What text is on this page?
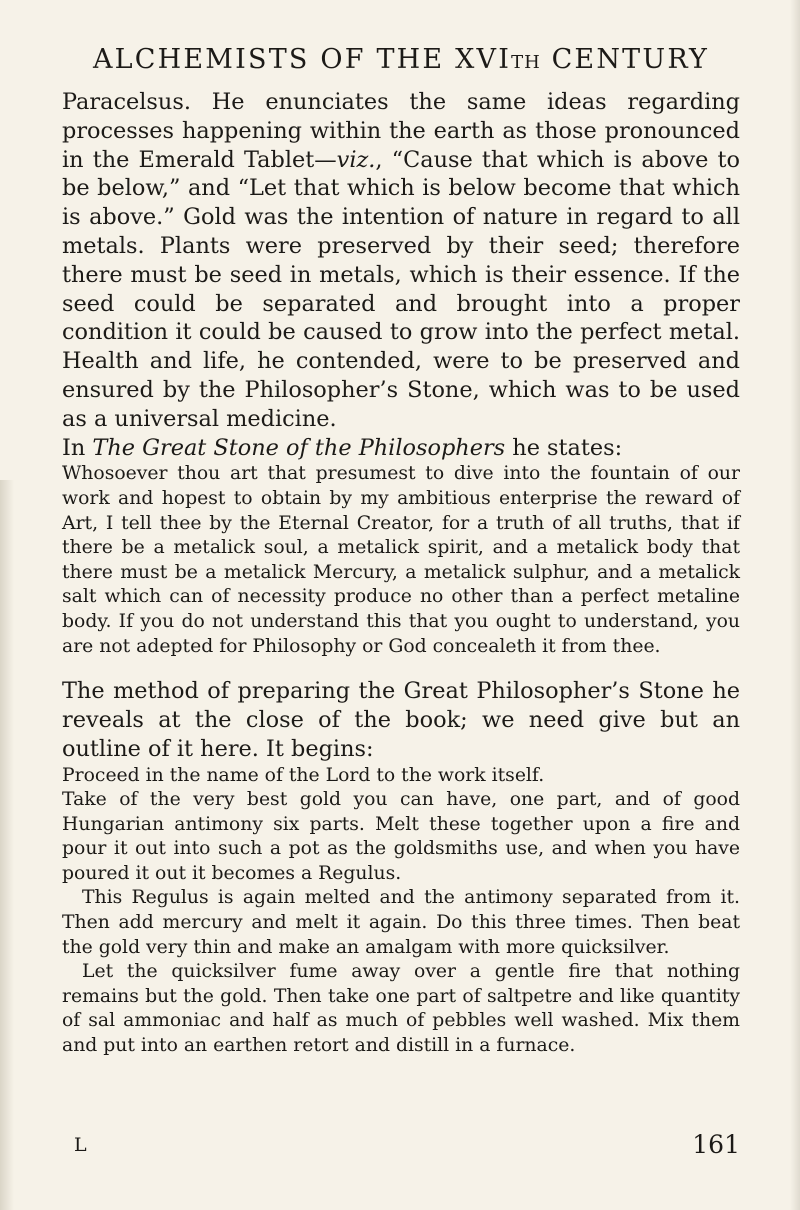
ALCHEMISTS OF THE XVITH CENTURY

Paracelsus. He enunciates the same ideas regarding processes happening within the earth as those pronounced in the Emerald Tablet—viz., “Cause that which is above to be below,” and “Let that which is below become that which is above.” Gold was the intention of nature in regard to all metals. Plants were preserved by their seed; therefore there must be seed in metals, which is their essence. If the seed could be separated and brought into a proper condition it could be caused to grow into the perfect metal. Health and life, he contended, were to be preserved and ensured by the Philosopher’s Stone, which was to be used as a universal medicine.

In The Great Stone of the Philosophers he states:

Whosoever thou art that presumest to dive into the fountain of our work and hopest to obtain by my ambitious enterprise the reward of Art, I tell thee by the Eternal Creator, for a truth of all truths, that if there be a metalick soul, a metalick spirit, and a metalick body that there must be a metalick Mercury, a metalick sulphur, and a metalick salt which can of necessity produce no other than a perfect metaline body. If you do not understand this that you ought to understand, you are not adepted for Philosophy or God concealeth it from thee.

The method of preparing the Great Philosopher’s Stone he reveals at the close of the book; we need give but an outline of it here. It begins:

Proceed in the name of the Lord to the work itself.

Take of the very best gold you can have, one part, and of good Hungarian antimony six parts. Melt these together upon a fire and pour it out into such a pot as the goldsmiths use, and when you have poured it out it becomes a Regulus.

This Regulus is again melted and the antimony separated from it. Then add mercury and melt it again. Do this three times. Then beat the gold very thin and make an amalgam with more quicksilver.

Let the quicksilver fume away over a gentle fire that nothing remains but the gold. Then take one part of saltpetre and like quantity of sal ammoniac and half as much of pebbles well washed. Mix them and put into an earthen retort and distill in a furnace.

L	161
